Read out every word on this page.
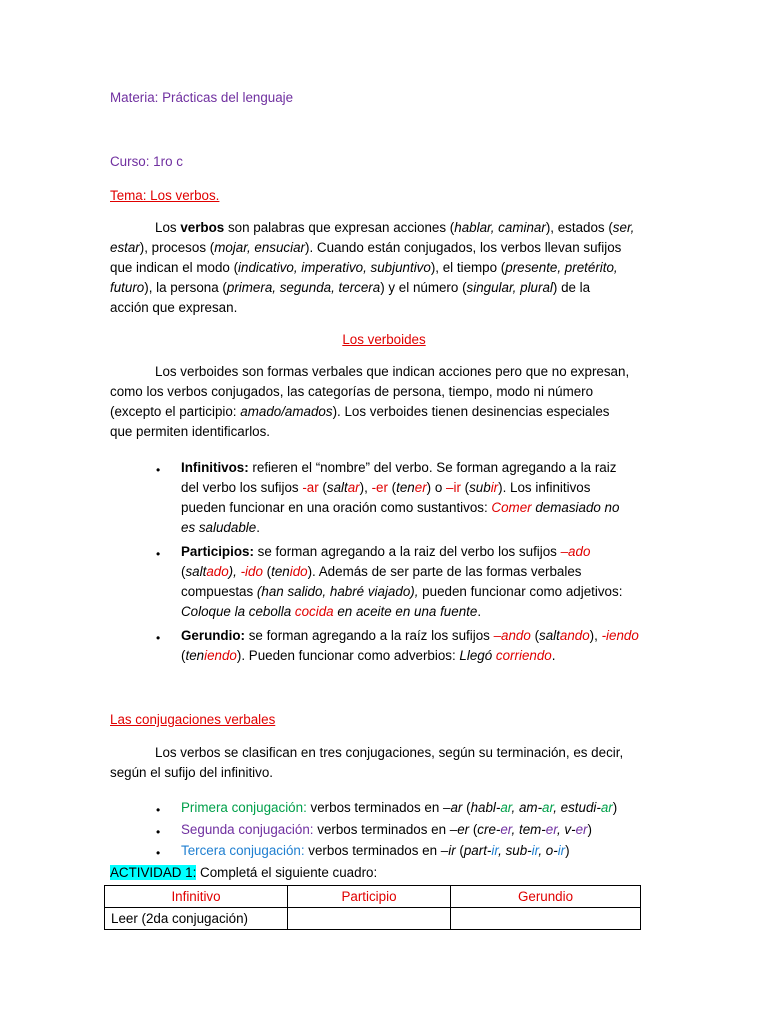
Materia: Prácticas del lenguaje
Curso: 1ro c
Tema: Los verbos.
Los verbos son palabras que expresan acciones (hablar, caminar), estados (ser,
estar), procesos (mojar, ensuciar). Cuando están conjugados, los verbos llevan sufijos
que indican el modo (indicativo, imperativo, subjuntivo), el tiempo (presente, pretérito,
futuro), la persona (primera, segunda, tercera) y el número (singular, plural) de la
acción que expresan.
Los verboides
Los verboides son formas verbales que indican acciones pero que no expresan,
como los verbos conjugados, las categorías de persona, tiempo, modo ni número
(excepto el participio: amado/amados). Los verboides tienen desinencias especiales
que permiten identificarlos.
• Infinitivos: refieren el “nombre” del verbo. Se forman agregando a la raiz
del verbo los sufijos -ar (saltar), -er (tener) o –ir (subir). Los infinitivos
pueden funcionar en una oración como sustantivos: Comer demasiado no
es saludable.
• Participios: se forman agregando a la raiz del verbo los sufijos –ado
(saltado), -ido (tenido). Además de ser parte de las formas verbales
compuestas (han salido, habré viajado), pueden funcionar como adjetivos:
Coloque la cebolla cocida en aceite en una fuente.
• Gerundio: se forman agregando a la raíz los sufijos –ando (saltando), -iendo
(teniendo). Pueden funcionar como adverbios: Llegó corriendo.
Las conjugaciones verbales
Los verbos se clasifican en tres conjugaciones, según su terminación, es decir,
según el sufijo del infinitivo.
• Primera conjugación: verbos terminados en –ar (habl-ar, am-ar, estudi-ar)
• Segunda conjugación: verbos terminados en –er (cre-er, tem-er, v-er)
• Tercera conjugación: verbos terminados en –ir (part-ir, sub-ir, o-ir)
ACTIVIDAD 1: Completá el siguiente cuadro:
Infinitivo	Participio	Gerundio
Leer (2da conjugación)		
